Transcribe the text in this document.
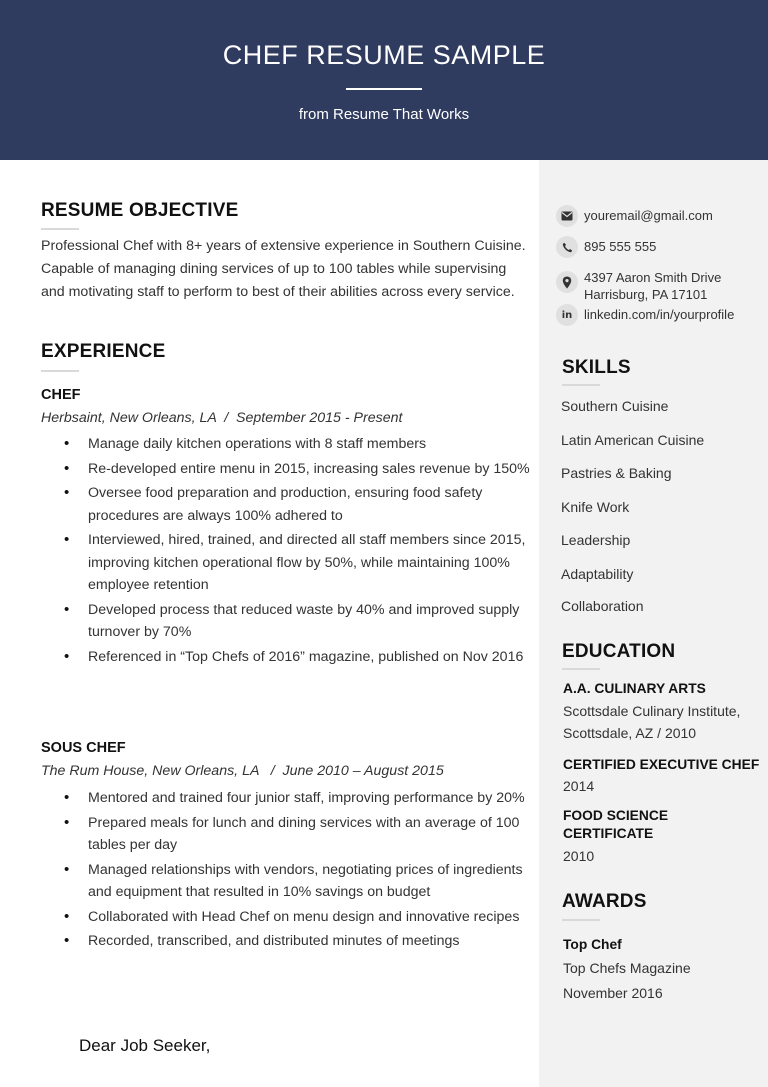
CHEF RESUME SAMPLE
from Resume That Works
RESUME OBJECTIVE
Professional Chef with 8+ years of extensive experience in Southern Cuisine.
Capable of managing dining services of up to 100 tables while supervising
and motivating staff to perform to best of their abilities across every service.
EXPERIENCE
CHEF
Herbsaint, New Orleans, LA  /  September 2015 - Present
• Manage daily kitchen operations with 8 staff members
• Re-developed entire menu in 2015, increasing sales revenue by 150%
• Oversee food preparation and production, ensuring food safety procedures are always 100% adhered to
• Interviewed, hired, trained, and directed all staff members since 2015, improving kitchen operational flow by 50%, while maintaining 100% employee retention
• Developed process that reduced waste by 40% and improved supply turnover by 70%
• Referenced in “Top Chefs of 2016” magazine, published on Nov 2016
SOUS CHEF
The Rum House, New Orleans, LA   /  June 2010 – August 2015
• Mentored and trained four junior staff, improving performance by 20%
• Prepared meals for lunch and dining services with an average of 100 tables per day
• Managed relationships with vendors, negotiating prices of ingredients and equipment that resulted in 10% savings on budget
• Collaborated with Head Chef on menu design and innovative recipes
• Recorded, transcribed, and distributed minutes of meetings
Dear Job Seeker,
youremail@gmail.com
895 555 555
4397 Aaron Smith Drive
Harrisburg, PA 17101
in linkedin.com/in/yourprofile
SKILLS
Southern Cuisine
Latin American Cuisine
Pastries & Baking
Knife Work
Leadership
Adaptability
Collaboration
EDUCATION
A.A. CULINARY ARTS
Scottsdale Culinary Institute,
Scottsdale, AZ / 2010
CERTIFIED EXECUTIVE CHEF
2014
FOOD SCIENCE
CERTIFICATE
2010
AWARDS
Top Chef
Top Chefs Magazine
November 2016
